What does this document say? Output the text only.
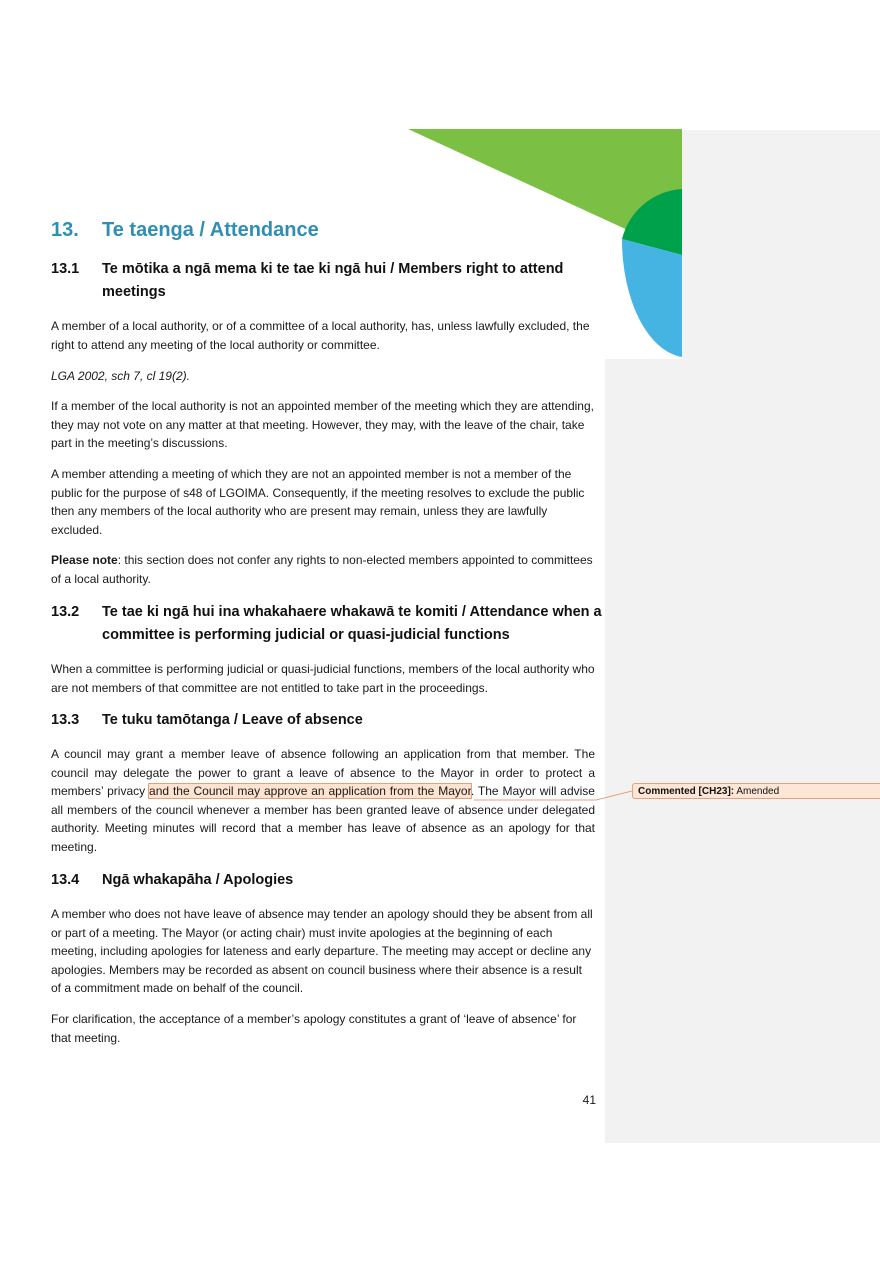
13. Te taenga / Attendance
13.1 Te mōtika a ngā mema ki te tae ki ngā hui / Members right to attend meetings
A member of a local authority, or of a committee of a local authority, has, unless lawfully excluded, the right to attend any meeting of the local authority or committee.
LGA 2002, sch 7, cl 19(2).
If a member of the local authority is not an appointed member of the meeting which they are attending, they may not vote on any matter at that meeting. However, they may, with the leave of the chair, take part in the meeting’s discussions.
A member attending a meeting of which they are not an appointed member is not a member of the public for the purpose of s48 of LGOIMA. Consequently, if the meeting resolves to exclude the public then any members of the local authority who are present may remain, unless they are lawfully excluded.
Please note: this section does not confer any rights to non-elected members appointed to committees of a local authority.
13.2 Te tae ki ngā hui ina whakahaere whakawā te komiti / Attendance when a committee is performing judicial or quasi-judicial functions
When a committee is performing judicial or quasi-judicial functions, members of the local authority who are not members of that committee are not entitled to take part in the proceedings.
13.3 Te tuku tamōtanga / Leave of absence
A council may grant a member leave of absence following an application from that member. The council may delegate the power to grant a leave of absence to the Mayor in order to protect a members’ privacy and the Council may approve an application from the Mayor. The Mayor will advise all members of the council whenever a member has been granted leave of absence under delegated authority. Meeting minutes will record that a member has leave of absence as an apology for that meeting.
13.4 Ngā whakapāha / Apologies
A member who does not have leave of absence may tender an apology should they be absent from all or part of a meeting. The Mayor (or acting chair) must invite apologies at the beginning of each meeting, including apologies for lateness and early departure. The meeting may accept or decline any apologies. Members may be recorded as absent on council business where their absence is a result of a commitment made on behalf of the council.
For clarification, the acceptance of a member’s apology constitutes a grant of ‘leave of absence’ for that meeting.
41
Commented [CH23]: Amended
